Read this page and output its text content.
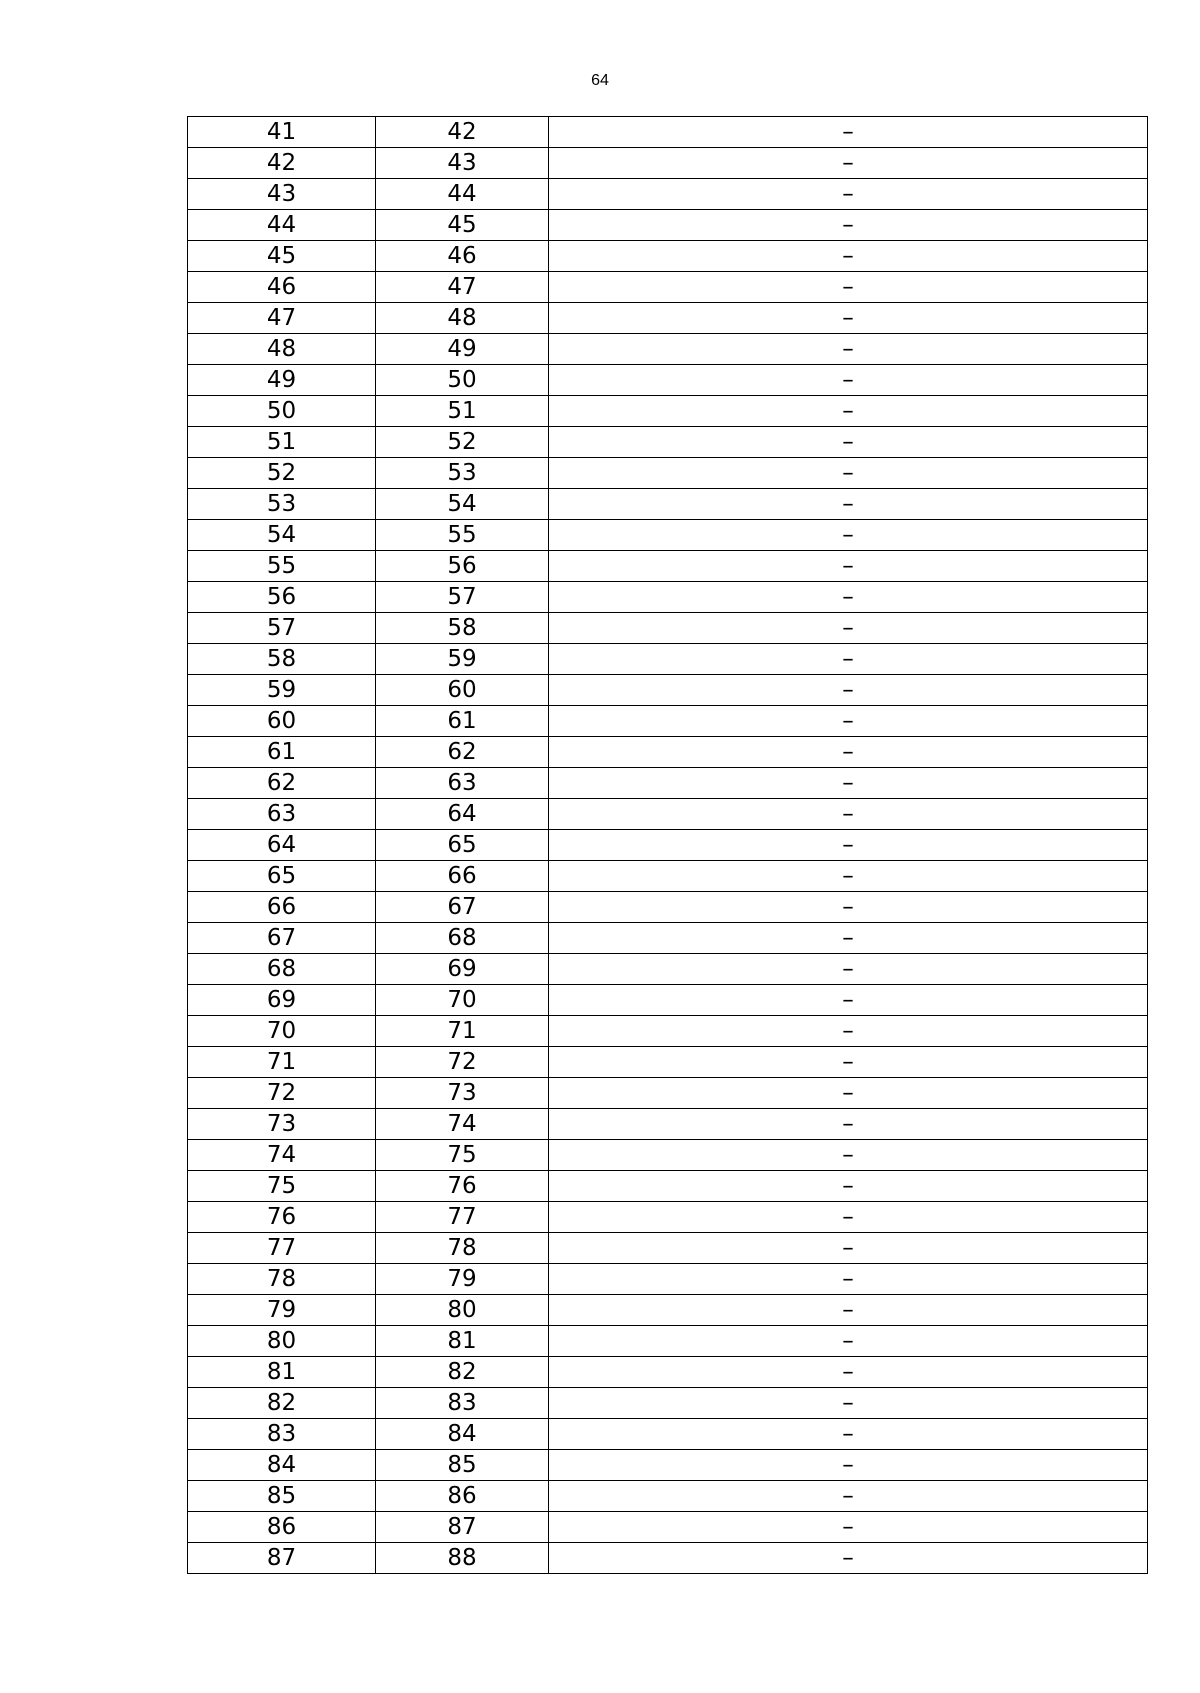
64
41	42	–
42	43	–
43	44	–
44	45	–
45	46	–
46	47	–
47	48	–
48	49	–
49	50	–
50	51	–
51	52	–
52	53	–
53	54	–
54	55	–
55	56	–
56	57	–
57	58	–
58	59	–
59	60	–
60	61	–
61	62	–
62	63	–
63	64	–
64	65	–
65	66	–
66	67	–
67	68	–
68	69	–
69	70	–
70	71	–
71	72	–
72	73	–
73	74	–
74	75	–
75	76	–
76	77	–
77	78	–
78	79	–
79	80	–
80	81	–
81	82	–
82	83	–
83	84	–
84	85	–
85	86	–
86	87	–
87	88	–
